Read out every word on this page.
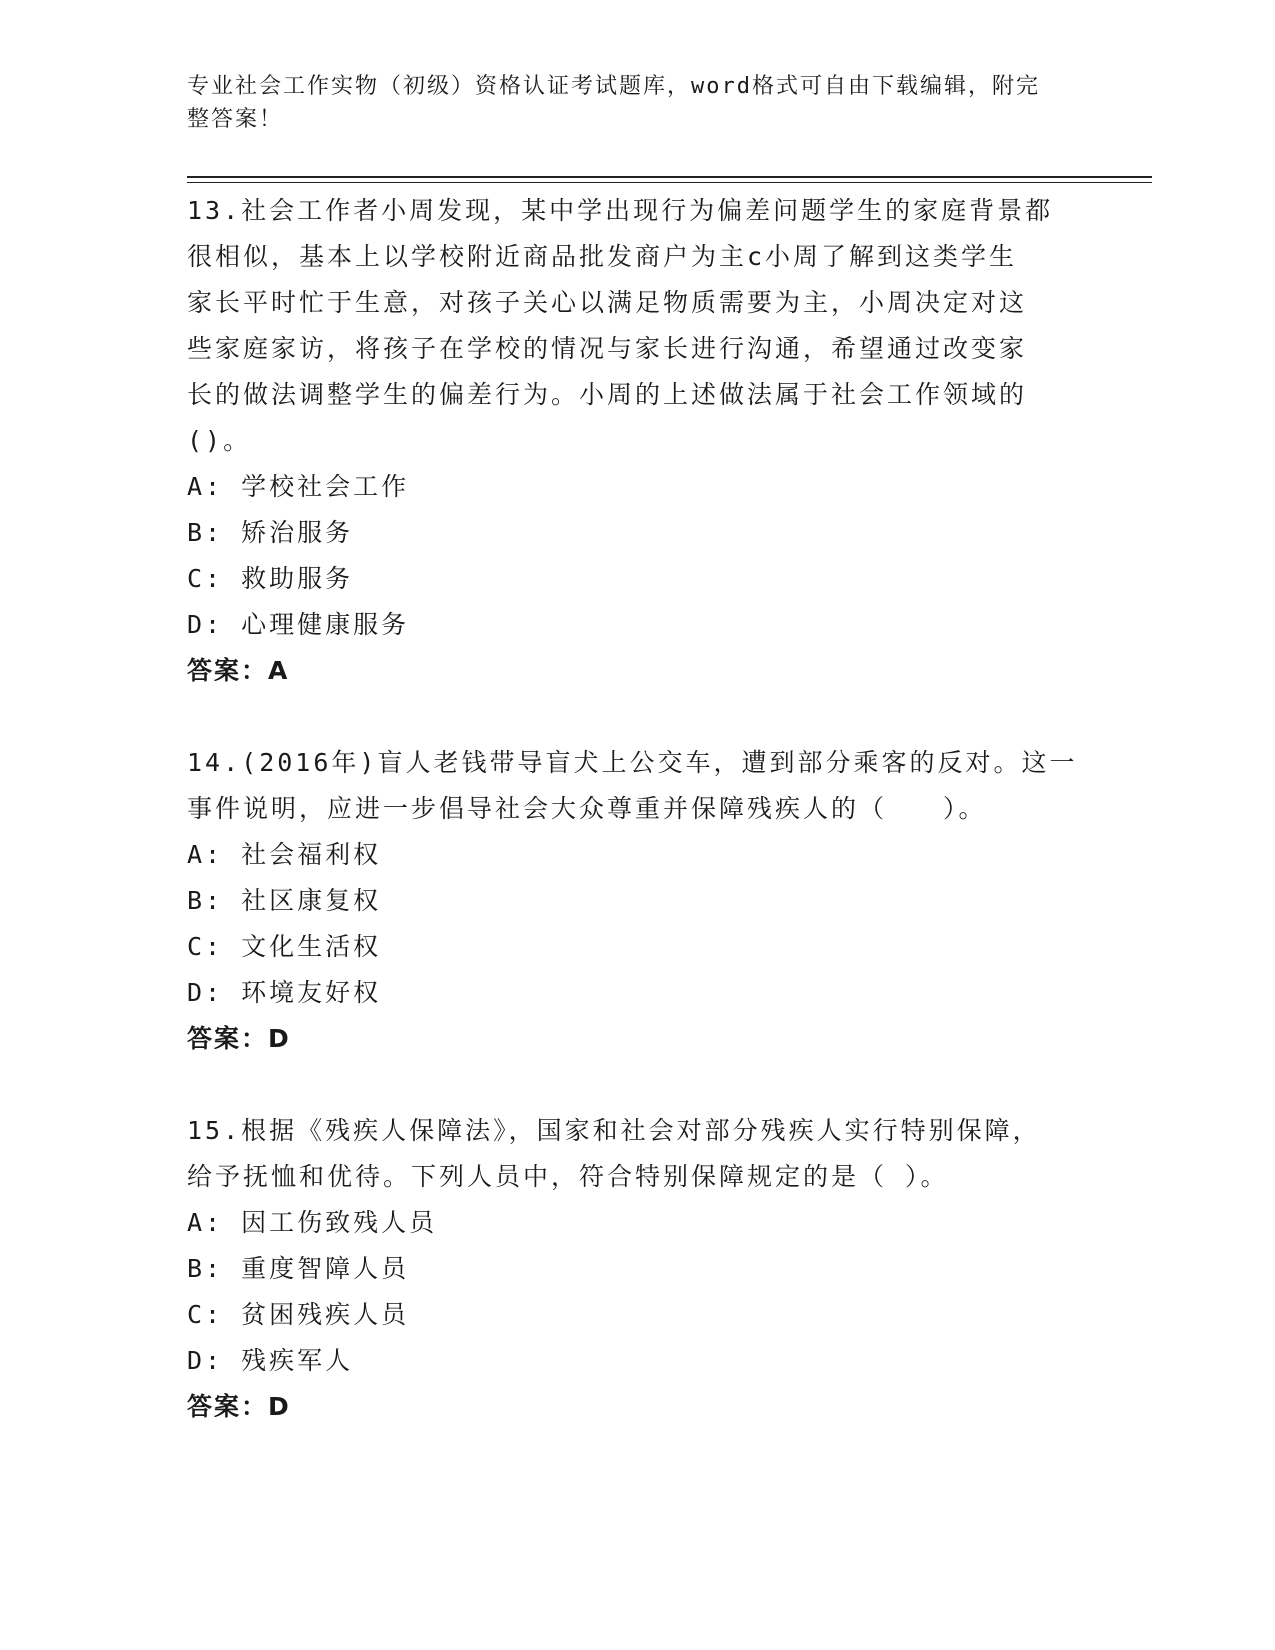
专业社会工作实物（初级）资格认证考试题库，word格式可自由下载编辑，附完
整答案！
13.社会工作者小周发现，某中学出现行为偏差问题学生的家庭背景都
很相似，基本上以学校附近商品批发商户为主c小周了解到这类学生
家长平时忙于生意，对孩子关心以满足物质需要为主，小周决定对这
些家庭家访，将孩子在学校的情况与家长进行沟通，希望通过改变家
长的做法调整学生的偏差行为。小周的上述做法属于社会工作领域的
()。
A: 学校社会工作
B: 矫治服务
C: 救助服务
D: 心理健康服务
答案：A
14.(2016年)盲人老钱带导盲犬上公交车，遭到部分乘客的反对。这一
事件说明，应进一步倡导社会大众尊重并保障残疾人的（　　）。
A: 社会福利权
B: 社区康复权
C: 文化生活权
D: 环境友好权
答案：D
15.根据《残疾人保障法》，国家和社会对部分残疾人实行特别保障，
给予抚恤和优待。下列人员中，符合特别保障规定的是（ ）。
A: 因工伤致残人员
B: 重度智障人员
C: 贫困残疾人员
D: 残疾军人
答案：D
